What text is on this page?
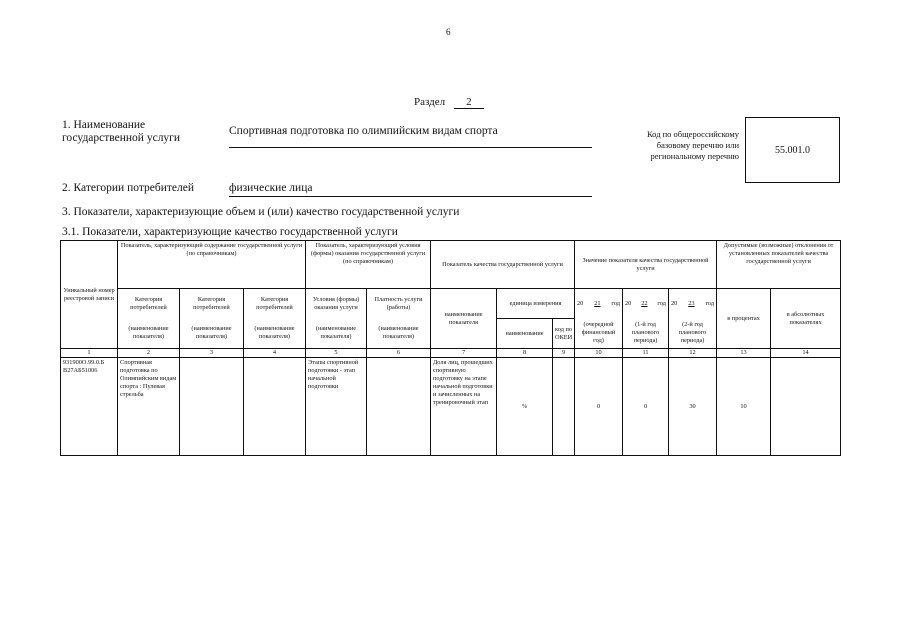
6
Раздел 2
1. Наименование государственной услуги
Спортивная подготовка по олимпийским видам спорта	Код по общероссийскому базовому перечню или региональному перечню
55.001.0
2. Категории потребителей	физические лица
3. Показатели, характеризующие объем и (или) качество государственной услуги
3.1. Показатели, характеризующие качество государственной услуги
Уникальный номер реестровой записи	Показатель, характеризующий содержание государственной услуги (по справочникам)			Показатель, характеризующий условия (формы) оказания государственной услуги (по справочникам)		Показатель качества государственной услуги			Значение показателя качества государственной услуги			Допустимые (возможные) отклонения от установленных показателей качества государственной услуги	
	Категория потребителей	Категория потребителей	Категория потребителей	Условия (формы) оказания услуги	Платность услуги (работы)	наименование показателя	единица измерения		20 21 год	20 22 год	20 23 год	в процентах	в абсолютных показателях
	(наименование показателя)	(наименование показателя)	(наименование показателя)	(наименование показателя)	(наименование показателя)		наименование	код по ОКЕИ	(очередной финансовый год)	(1-й год планового периода)	(2-й год планового периода)		
1	2	3	4	5	6	7	8	9	10	11	12	13	14
931900О.99.0.Б В27АБ51006	Спортивная подготовка по Олимпийским видам спорта : Пулевая стрельба			Этапы спортивной подготовки - этап начальной подготовки		Доля лиц, прошедших спортивную подготовку на этапе начальной подготовки и зачисленных на тренировочный этап	%		0	0	30	10	
